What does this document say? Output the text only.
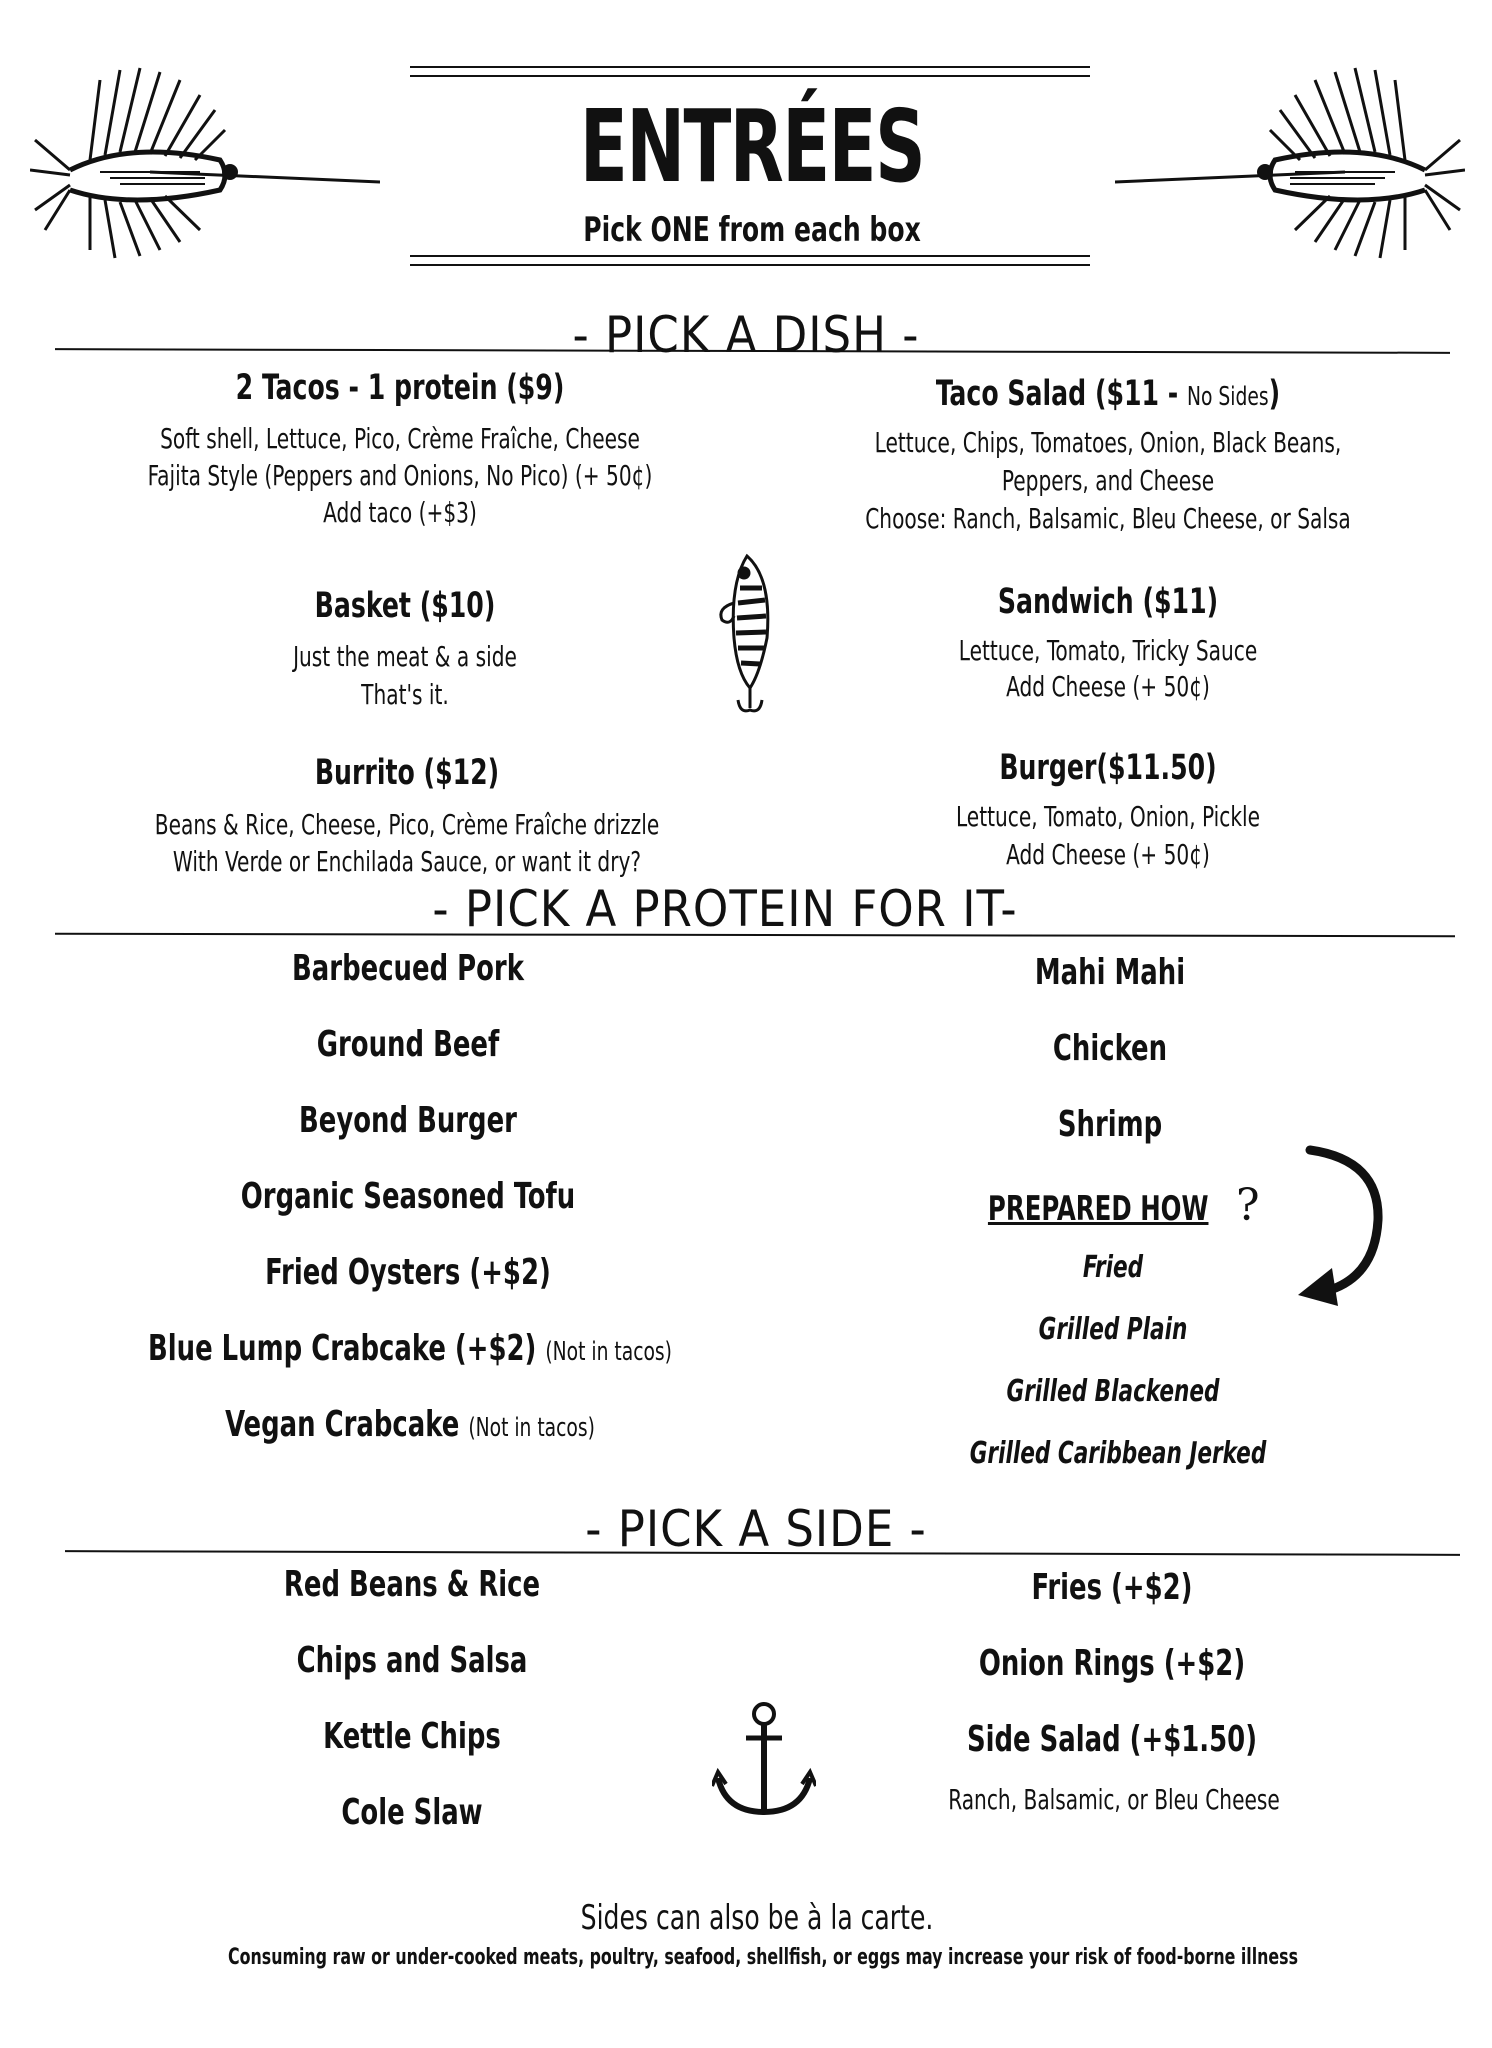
ENTRÉES
Pick ONE from each box
- PICK A DISH -
2 Tacos - 1 protein ($9)
Soft shell, Lettuce, Pico, Crème Fraîche, Cheese
Fajita Style (Peppers and Onions, No Pico) (+ 50¢)
Add taco (+$3)
Taco Salad ($11 - No Sides)
Lettuce, Chips, Tomatoes, Onion, Black Beans,
Peppers, and Cheese
Choose: Ranch, Balsamic, Bleu Cheese, or Salsa
Basket ($10)
Just the meat & a side
That's it.
Sandwich ($11)
Lettuce, Tomato, Tricky Sauce
Add Cheese (+ 50¢)
Burrito ($12)
Beans & Rice, Cheese, Pico, Crème Fraîche drizzle
With Verde or Enchilada Sauce, or want it dry?
Burger($11.50)
Lettuce, Tomato, Onion, Pickle
Add Cheese (+ 50¢)
- PICK A PROTEIN FOR IT-
Barbecued Pork
Ground Beef
Beyond Burger
Organic Seasoned Tofu
Fried Oysters (+$2)
Blue Lump Crabcake (+$2) (Not in tacos)
Vegan Crabcake (Not in tacos)
Mahi Mahi
Chicken
Shrimp
PREPARED HOW ?
Fried
Grilled Plain
Grilled Blackened
Grilled Caribbean Jerked
- PICK A SIDE -
Red Beans & Rice
Chips and Salsa
Kettle Chips
Cole Slaw
Fries (+$2)
Onion Rings (+$2)
Side Salad (+$1.50)
Ranch, Balsamic, or Bleu Cheese
Sides can also be à la carte.
Consuming raw or under-cooked meats, poultry, seafood, shellfish, or eggs may increase your risk of food-borne illness
